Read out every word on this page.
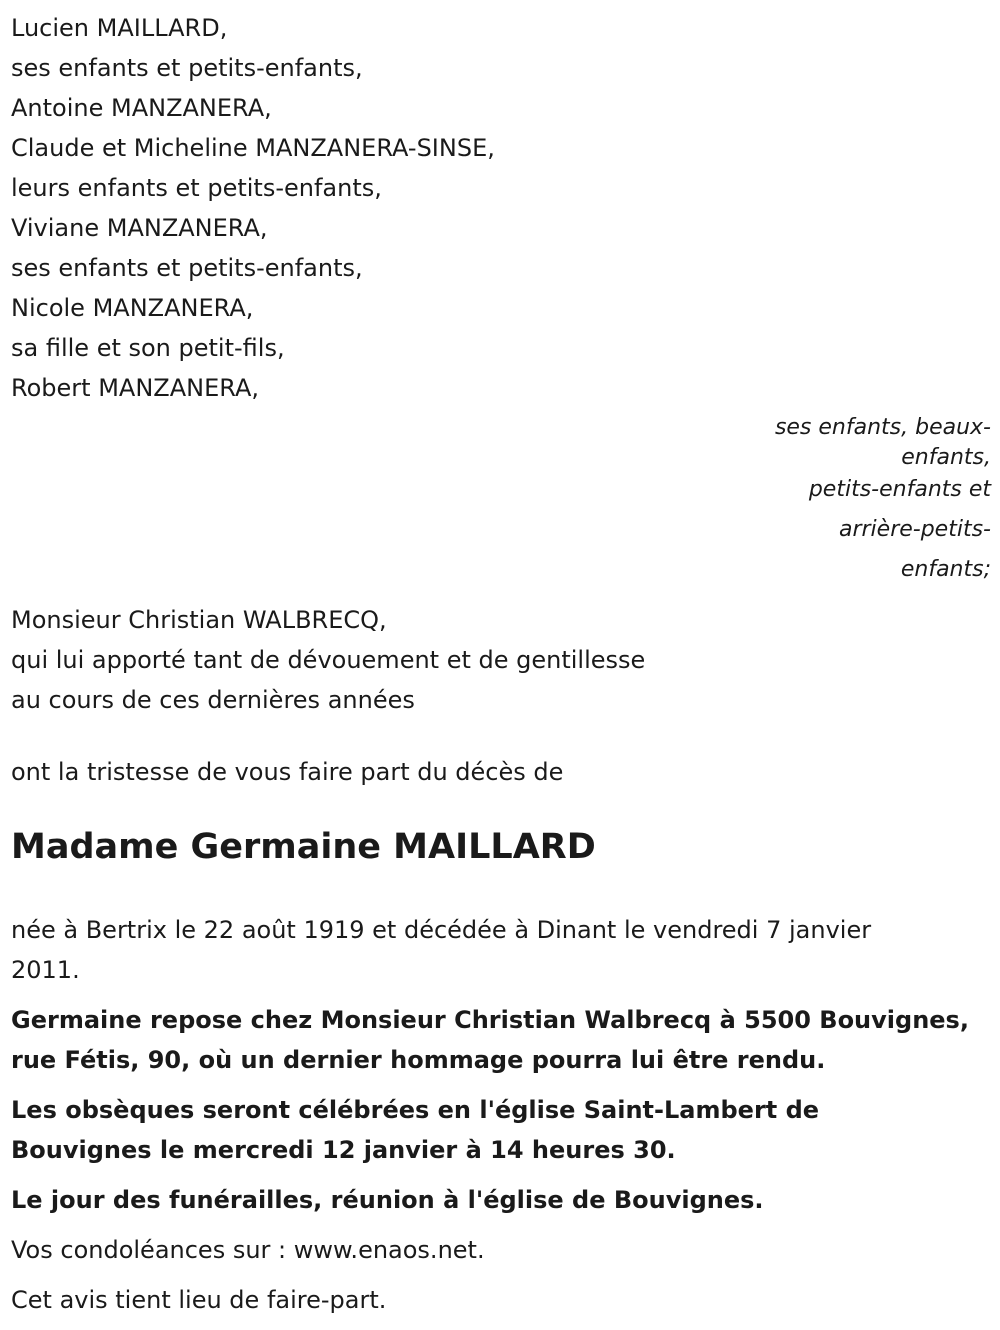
Lucien MAILLARD,

ses enfants et petits-enfants,

Antoine MANZANERA,

Claude et Micheline MANZANERA-SINSE,

leurs enfants et petits-enfants,

Viviane MANZANERA,

ses enfants et petits-enfants,

Nicole MANZANERA,

sa fille et son petit-fils,

Robert MANZANERA,

ses enfants, beaux-
enfants,
petits-enfants et
arrière-petits-
enfants;

Monsieur Christian WALBRECQ,

qui lui apporté tant de dévouement et de gentillesse

au cours de ces dernières années

ont la tristesse de vous faire part du décès de

Madame Germaine MAILLARD
née à Bertrix le 22 août 1919 et décédée à Dinant le vendredi 7 janvier
2011.
Germaine repose chez Monsieur Christian Walbrecq à 5500 Bouvignes,
rue Fétis, 90, où un dernier hommage pourra lui être rendu.
Les obsèques seront célébrées en l'église Saint-Lambert de
Bouvignes le mercredi 12 janvier à 14 heures 30.
Le jour des funérailles, réunion à l'église de Bouvignes.
Vos condoléances sur : www.enaos.net.
Cet avis tient lieu de faire-part.
